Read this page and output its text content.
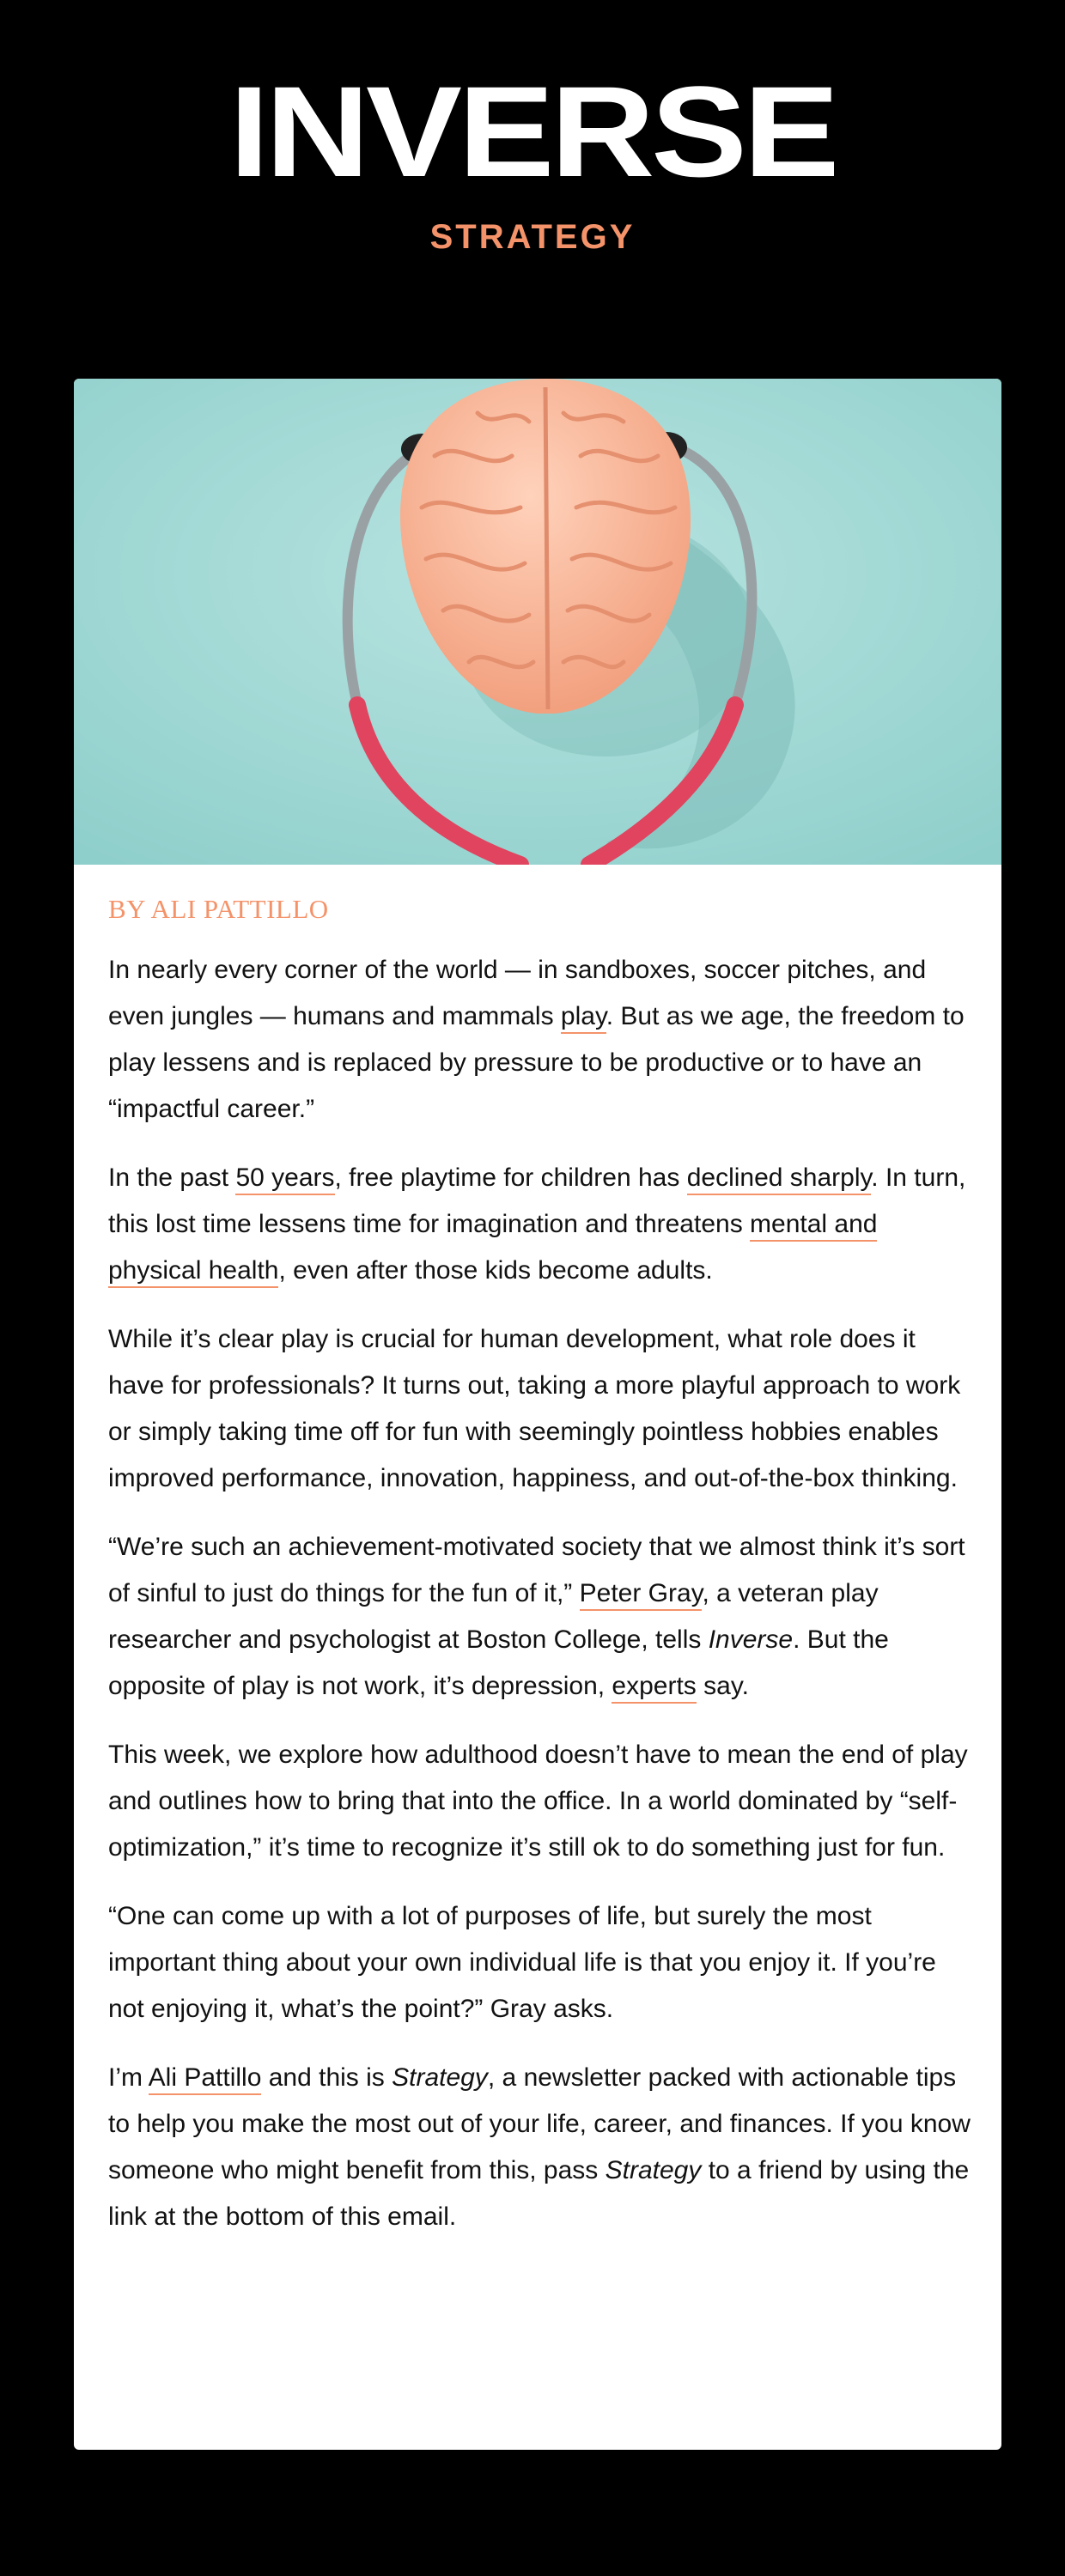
INVERSE
STRATEGY
BY ALI PATTILLO

In nearly every corner of the world — in sandboxes, soccer pitches, and even jungles — humans and mammals play. But as we age, the freedom to play lessens and is replaced by pressure to be productive or to have an “impactful career.”

In the past 50 years, free playtime for children has declined sharply. In turn, this lost time lessens time for imagination and threatens mental and physical health, even after those kids become adults.

While it’s clear play is crucial for human development, what role does it have for professionals? It turns out, taking a more playful approach to work or simply taking time off for fun with seemingly pointless hobbies enables improved performance, innovation, happiness, and out-of-the-box thinking.

“We’re such an achievement-motivated society that we almost think it’s sort of sinful to just do things for the fun of it,” Peter Gray, a veteran play researcher and psychologist at Boston College, tells Inverse. But the opposite of play is not work, it’s depression, experts say.

This week, we explore how adulthood doesn’t have to mean the end of play and outlines how to bring that into the office. In a world dominated by “self-optimization,” it’s time to recognize it’s still ok to do something just for fun.

“One can come up with a lot of purposes of life, but surely the most important thing about your own individual life is that you enjoy it. If you’re not enjoying it, what’s the point?” Gray asks.

I’m Ali Pattillo and this is Strategy, a newsletter packed with actionable tips to help you make the most out of your life, career, and finances. If you know someone who might benefit from this, pass Strategy to a friend by using the link at the bottom of this email.
